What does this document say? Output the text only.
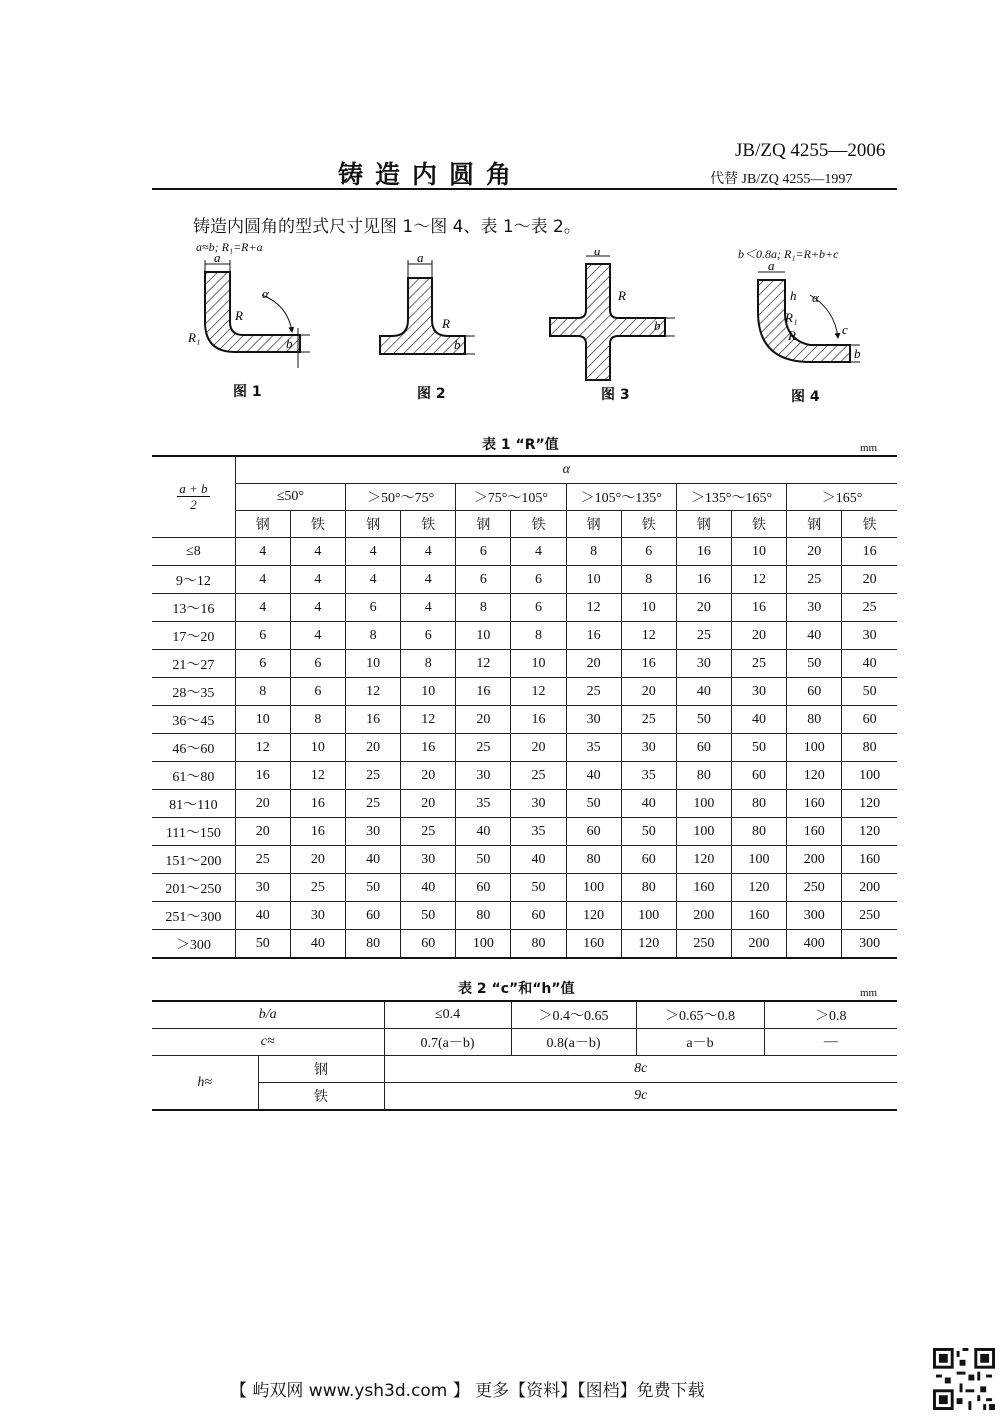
JB/ZQ 4255—2006
铸造内圆角	代替 JB/ZQ 4255—1997
铸造内圆角的型式尺寸见图 1～图 4、表 1～表 2。
a≈b; R₁=R+a	b＜0.8a; R₁=R+b+c
a
R
R₁
α
b
a
R
b
a
R
b
a
h
R₁
R
α
c
b
图 1	图 2	图 3	图 4
表 1 “R”值	mm
$\frac{a + b}{2}$	α											
	≤50°		＞50°～75°		＞75°～105°		＞105°～135°		＞135°～165°		＞165°	
	钢	铁	钢	铁	钢	铁	钢	铁	钢	铁	钢	铁
≤8	4	4	4	4	6	4	8	6	16	10	20	16
9～12	4	4	4	4	6	6	10	8	16	12	25	20
13～16	4	4	6	4	8	6	12	10	20	16	30	25
17～20	6	4	8	6	10	8	16	12	25	20	40	30
21～27	6	6	10	8	12	10	20	16	30	25	50	40
28～35	8	6	12	10	16	12	25	20	40	30	60	50
36～45	10	8	16	12	20	16	30	25	50	40	80	60
46～60	12	10	20	16	25	20	35	30	60	50	100	80
61～80	16	12	25	20	30	25	40	35	80	60	120	100
81～110	20	16	25	20	35	30	50	40	100	80	160	120
111～150	20	16	30	25	40	35	60	50	100	80	160	120
151～200	25	20	40	30	50	40	80	60	120	100	200	160
201～250	30	25	50	40	60	50	100	80	160	120	250	200
251～300	40	30	60	50	80	60	120	100	200	160	300	250
＞300	50	40	80	60	100	80	160	120	250	200	400	300
表 2 “c”和“h”值	mm
b/a		≤0.4	＞0.4～0.65	＞0.65～0.8	＞0.8
c≈		0.7(a－b)	0.8(a－b)	a－b	—
h≈	钢	8c			
	铁	9c			
【 屿双网 www.ysh3d.com 】 更多【资料】【图档】免费下载
